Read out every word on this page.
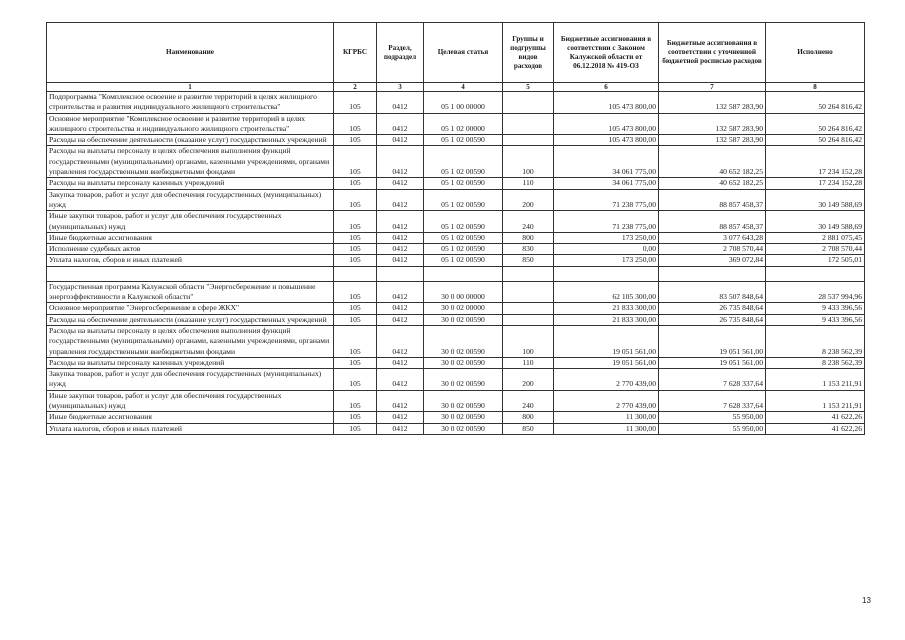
Наименование	КГРБС	Раздел, подраздел	Целевая статья	Группы и подгруппы видов расходов	Бюджетные ассигнования в соответствии с Законом Калужской области от 06.12.2018 № 419-ОЗ	Бюджетные ассигнования в соответствии с уточненной бюджетной росписью расходов	Исполнено
1	2	3	4	5	6	7	8
Подпрограмма "Комплексное освоение и развитие территорий в целях жилищного строительства и развития индивидуального жилищного строительства"	105	0412	05 1 00 00000		105 473 800,00	132 587 283,90	50 264 816,42
Основное мероприятие "Комплексное освоение и развитие территорий в целях жилищного строительства и индивидуального жилищного строительства"	105	0412	05 1 02 00000		105 473 800,00	132 587 283,90	50 264 816,42
Расходы на обеспечение деятельности (оказание услуг) государственных учреждений	105	0412	05 1 02 00590		105 473 800,00	132 587 283,90	50 264 816,42
Расходы на выплаты персоналу в целях обеспечения выполнения функций государственными (муниципальными) органами, казенными учреждениями, органами управления государственными внебюджетными фондами	105	0412	05 1 02 00590	100	34 061 775,00	40 652 182,25	17 234 152,28
Расходы на выплаты персоналу казенных учреждений	105	0412	05 1 02 00590	110	34 061 775,00	40 652 182,25	17 234 152,28
Закупка товаров, работ и услуг для обеспечения государственных (муниципальных) нужд	105	0412	05 1 02 00590	200	71 238 775,00	88 857 458,37	30 149 588,69
Иные закупки товаров, работ и услуг для обеспечения государственных (муниципальных) нужд	105	0412	05 1 02 00590	240	71 238 775,00	88 857 458,37	30 149 588,69
Иные бюджетные ассигнования	105	0412	05 1 02 00590	800	173 250,00	3 077 643,28	2 881 075,45
Исполнение судебных актов	105	0412	05 1 02 00590	830	0,00	2 708 570,44	2 708 570,44
Уплата налогов, сборов и иных платежей	105	0412	05 1 02 00590	850	173 250,00	369 072,84	172 505,01

Государственная программа Калужской области "Энергосбережение и повышение энергоэффективности в Калужской области"	105	0412	30 0 00 00000		62 105 300,00	83 507 848,64	28 537 994,96
Основное мероприятие "Энергосбережение в сфере ЖКХ"	105	0412	30 0 02 00000		21 833 300,00	26 735 848,64	9 433 396,56
Расходы на обеспечение деятельности (оказание услуг) государственных учреждений	105	0412	30 0 02 00590		21 833 300,00	26 735 848,64	9 433 396,56
Расходы на выплаты персоналу в целях обеспечения выполнения функций государственными (муниципальными) органами, казенными учреждениями, органами управления государственными внебюджетными фондами	105	0412	30 0 02 00590	100	19 051 561,00	19 051 561,00	8 238 562,39
Расходы на выплаты персоналу казенных учреждений	105	0412	30 0 02 00590	110	19 051 561,00	19 051 561,00	8 238 562,39
Закупка товаров, работ и услуг для обеспечения государственных (муниципальных) нужд	105	0412	30 0 02 00590	200	2 770 439,00	7 628 337,64	1 153 211,91
Иные закупки товаров, работ и услуг для обеспечения государственных (муниципальных) нужд	105	0412	30 0 02 00590	240	2 770 439,00	7 628 337,64	1 153 211,91
Иные бюджетные ассигнования	105	0412	30 0 02 00590	800	11 300,00	55 950,00	41 622,26
Уплата налогов, сборов и иных платежей	105	0412	30 0 02 00590	850	11 300,00	55 950,00	41 622,26
13
